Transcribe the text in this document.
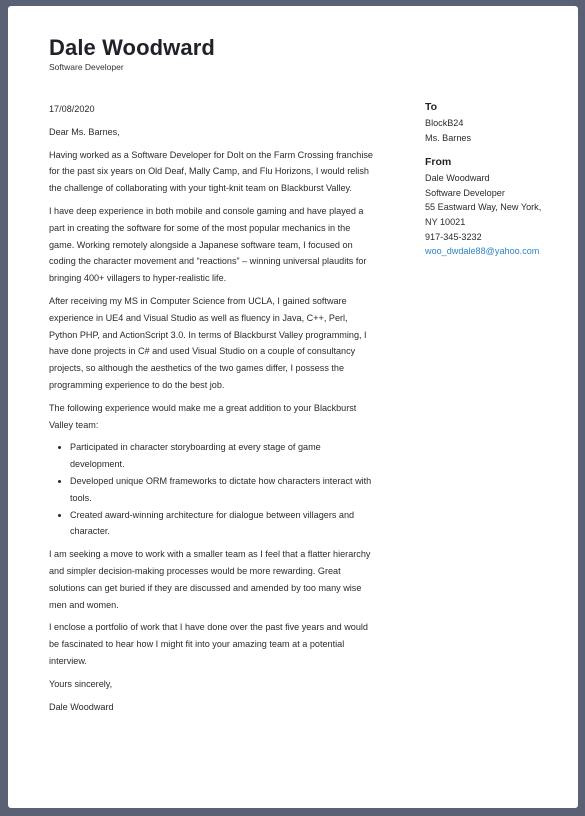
Dale Woodward
Software Developer

17/08/2020

Dear Ms. Barnes,

Having worked as a Software Developer for DoIt on the Farm Crossing franchise for the past six years on Old Deaf, Mally Camp, and Flu Horizons, I would relish the challenge of collaborating with your tight-knit team on Blackburst Valley.

I have deep experience in both mobile and console gaming and have played a part in creating the software for some of the most popular mechanics in the game. Working remotely alongside a Japanese software team, I focused on coding the character movement and “reactions” – winning universal plaudits for bringing 400+ villagers to hyper-realistic life.

After receiving my MS in Computer Science from UCLA, I gained software experience in UE4 and Visual Studio as well as fluency in Java, C++, Perl, Python PHP, and ActionScript 3.0. In terms of Blackburst Valley programming, I have done projects in C# and used Visual Studio on a couple of consultancy projects, so although the aesthetics of the two games differ, I possess the programming experience to do the best job.

The following experience would make me a great addition to your Blackburst Valley team:

• Participated in character storyboarding at every stage of game development.
• Developed unique ORM frameworks to dictate how characters interact with tools.
• Created award-winning architecture for dialogue between villagers and character.

I am seeking a move to work with a smaller team as I feel that a flatter hierarchy and simpler decision-making processes would be more rewarding. Great solutions can get buried if they are discussed and amended by too many wise men and women.

I enclose a portfolio of work that I have done over the past five years and would be fascinated to hear how I might fit into your amazing team at a potential interview.

Yours sincerely,

Dale Woodward

To
BlockB24
Ms. Barnes
From
Dale Woodward
Software Developer
55 Eastward Way, New York, NY 10021
917-345-3232
woo_dwdale88@yahoo.com
